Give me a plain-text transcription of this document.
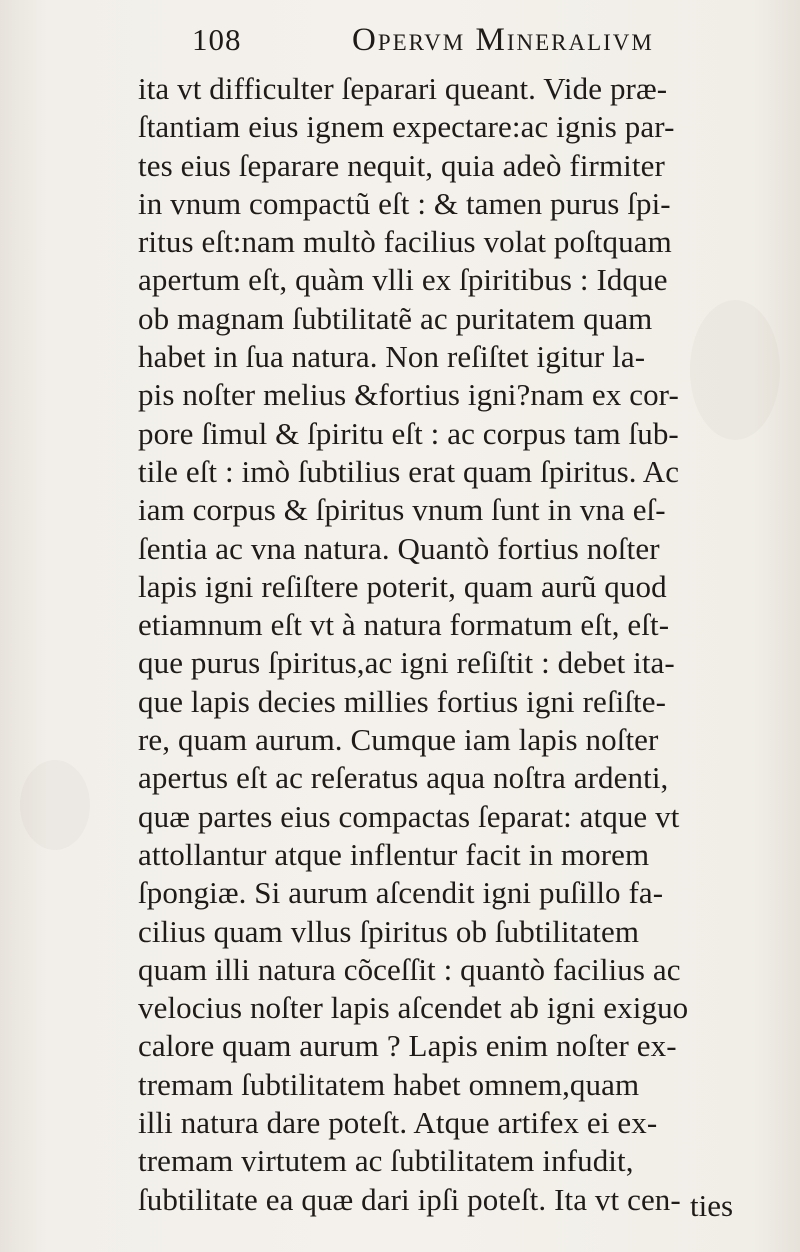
108	Opervm Mineralivm
ita vt difficulter ſeparari queant. Vide præ-
ſtantiam eius ignem expectare:ac ignis par-
tes eius ſeparare nequit, quia adeò firmiter
in vnum compactũ eſt : & tamen purus ſpi-
ritus eſt:nam multò facilius volat poſtquam
apertum eſt, quàm vlli ex ſpiritibus : Idque
ob magnam ſubtilitatẽ ac puritatem quam
habet in ſua natura. Non reſiſtet igitur la-
pis noſter melius &fortius igni?nam ex cor-
pore ſimul & ſpiritu eſt : ac corpus tam ſub-
tile eſt : imò ſubtilius erat quam ſpiritus. Ac
iam corpus & ſpiritus vnum ſunt in vna eſ-
ſentia ac vna natura. Quantò fortius noſter
lapis igni reſiſtere poterit, quam aurũ quod
etiamnum eſt vt à natura formatum eſt, eſt-
que purus ſpiritus,ac igni reſiſtit : debet ita-
que lapis decies millies fortius igni reſiſte-
re, quam aurum. Cumque iam lapis noſter
apertus eſt ac reſeratus aqua noſtra ardenti,
quæ partes eius compactas ſeparat: atque vt
attollantur atque inflentur facit in morem
ſpongiæ. Si aurum aſcendit igni puſillo fa-
cilius quam vllus ſpiritus ob ſubtilitatem
quam illi natura cõceſſit : quantò facilius ac
velocius noſter lapis aſcendet ab igni exiguo
calore quam aurum ? Lapis enim noſter ex-
tremam ſubtilitatem habet omnem,quam
illi natura dare poteſt. Atque artifex ei ex-
tremam virtutem ac ſubtilitatem infudit,
ſubtilitate ea quæ dari ipſi poteſt. Ita vt cen- ties
